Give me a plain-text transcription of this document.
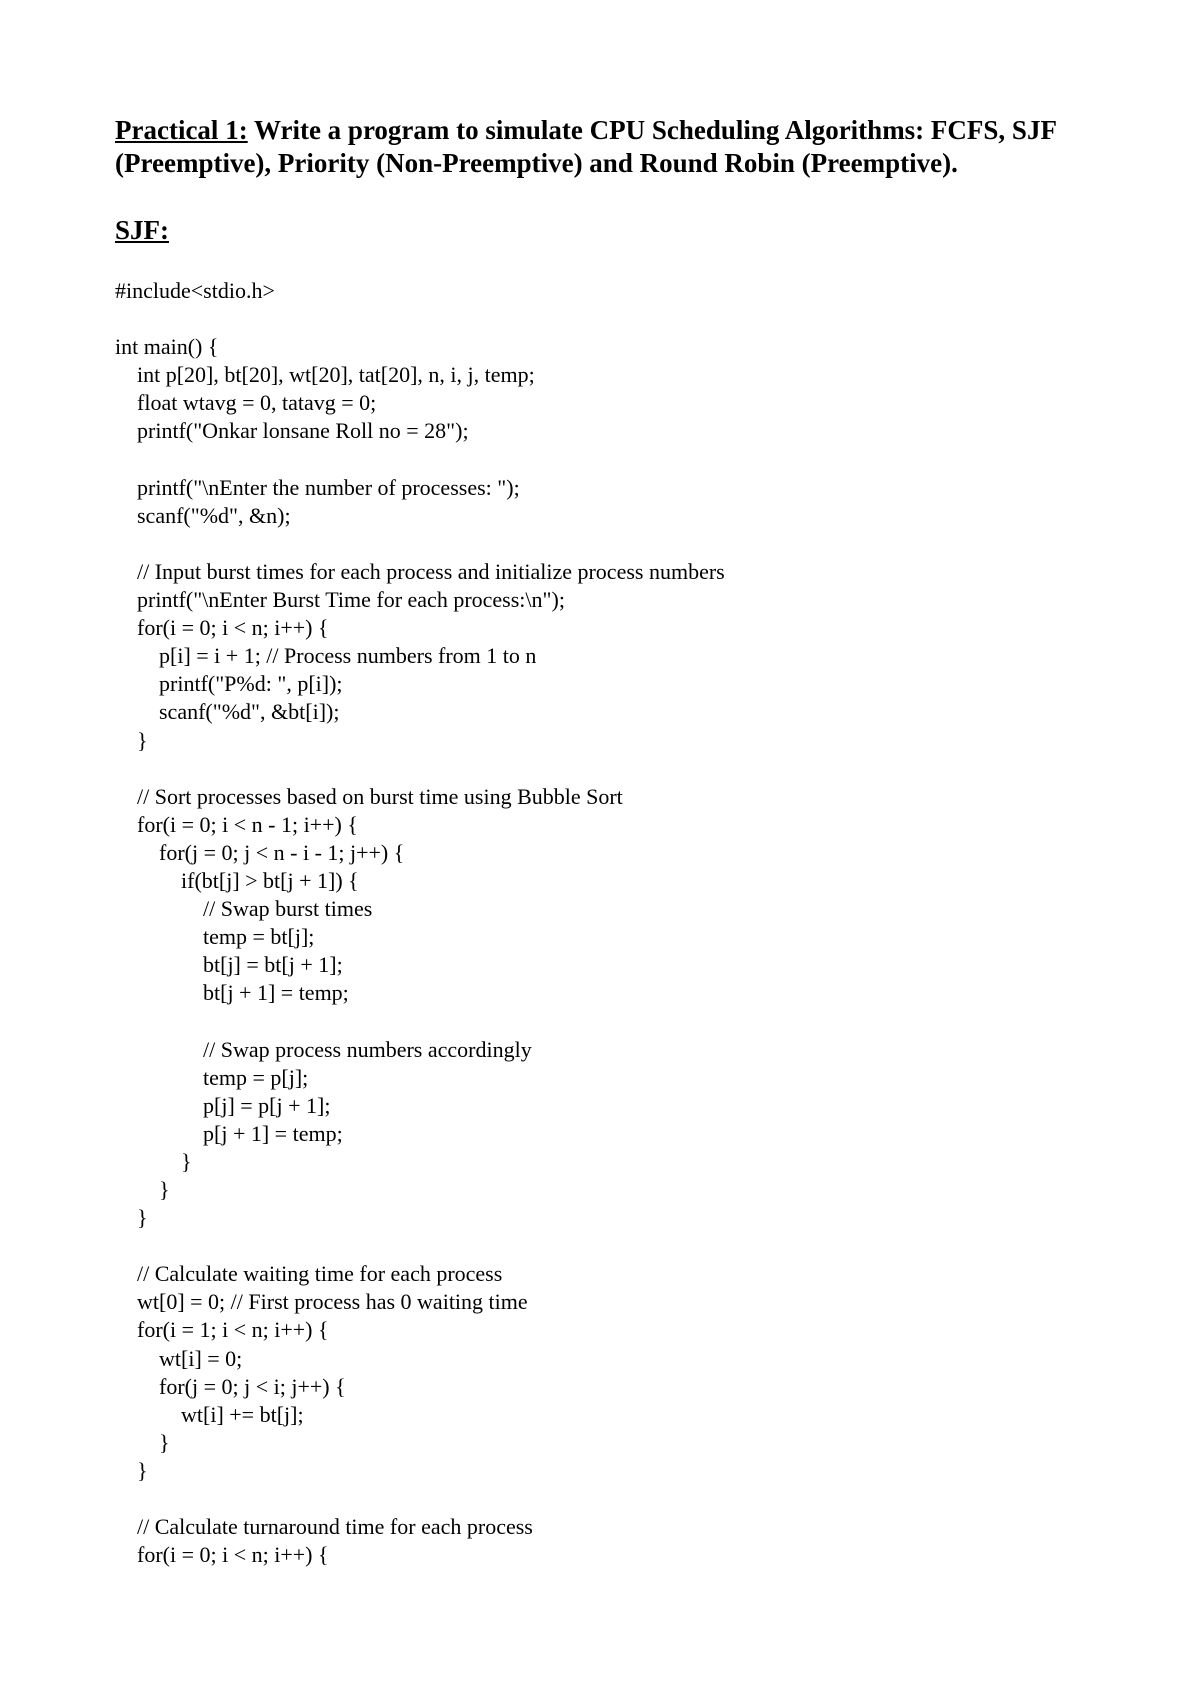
Practical 1: Write a program to simulate CPU Scheduling Algorithms: FCFS, SJF
(Preemptive), Priority (Non-Preemptive) and Round Robin (Preemptive).
SJF:
#include<stdio.h>
int main() {
int p[20], bt[20], wt[20], tat[20], n, i, j, temp;
float wtavg = 0, tatavg = 0;
printf("Onkar lonsane Roll no = 28");
printf("\nEnter the number of processes: ");
scanf("%d", &n);
// Input burst times for each process and initialize process numbers
printf("\nEnter Burst Time for each process:\n");
for(i = 0; i < n; i++) {
p[i] = i + 1; // Process numbers from 1 to n
printf("P%d: ", p[i]);
scanf("%d", &bt[i]);
}
// Sort processes based on burst time using Bubble Sort
for(i = 0; i < n - 1; i++) {
for(j = 0; j < n - i - 1; j++) {
if(bt[j] > bt[j + 1]) {
// Swap burst times
temp = bt[j];
bt[j] = bt[j + 1];
bt[j + 1] = temp;
// Swap process numbers accordingly
temp = p[j];
p[j] = p[j + 1];
p[j + 1] = temp;
}
}
}
// Calculate waiting time for each process
wt[0] = 0; // First process has 0 waiting time
for(i = 1; i < n; i++) {
wt[i] = 0;
for(j = 0; j < i; j++) {
wt[i] += bt[j];
}
}
// Calculate turnaround time for each process
for(i = 0; i < n; i++) {
